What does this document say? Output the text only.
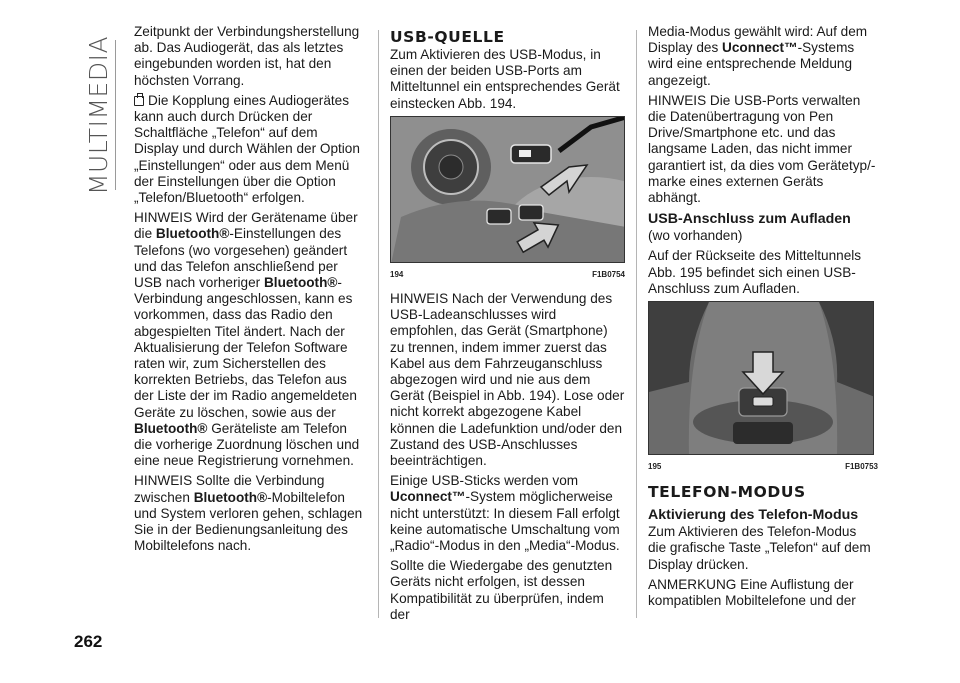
MULTIMEDIA
262

Zeitpunkt der Verbindungsherstellung ab. Das Audiogerät, das als letztes eingebunden worden ist, hat den höchsten Vorrang.

Die Kopplung eines Audiogerätes kann auch durch Drücken der Schaltfläche „Telefon“ auf dem Display und durch Wählen der Option „Einstellungen“ oder aus dem Menü der Einstellungen über die Option „Telefon/Bluetooth“ erfolgen.

HINWEIS Wird der Gerätename über die Bluetooth®-Einstellungen des Telefons (wo vorgesehen) geändert und das Telefon anschließend per USB nach vorheriger Bluetooth®-Verbindung angeschlossen, kann es vorkommen, dass das Radio den abgespielten Titel ändert. Nach der Aktualisierung der Telefon Software raten wir, zum Sicherstellen des korrekten Betriebs, das Telefon aus der Liste der im Radio angemeldeten Geräte zu löschen, sowie aus der Bluetooth® Geräteliste am Telefon die vorherige Zuordnung löschen und eine neue Registrierung vornehmen.

HINWEIS Sollte die Verbindung zwischen Bluetooth®-Mobiltelefon und System verloren gehen, schlagen Sie in der Bedienungsanleitung des Mobiltelefons nach.

USB-QUELLE

Zum Aktivieren des USB-Modus, in einen der beiden USB-Ports am Mitteltunnel ein entsprechendes Gerät einstecken Abb. 194.

194	F1B0754

HINWEIS Nach der Verwendung des USB-Ladeanschlusses wird empfohlen, das Gerät (Smartphone) zu trennen, indem immer zuerst das Kabel aus dem Fahrzeuganschluss abgezogen wird und nie aus dem Gerät (Beispiel in Abb. 194). Lose oder nicht korrekt abgezogene Kabel können die Ladefunktion und/oder den Zustand des USB-Anschlusses beeinträchtigen.

Einige USB-Sticks werden vom Uconnect™-System möglicherweise nicht unterstützt: In diesem Fall erfolgt keine automatische Umschaltung vom „Radio“-Modus in den „Media“-Modus.

Sollte die Wiedergabe des genutzten Geräts nicht erfolgen, ist dessen Kompatibilität zu überprüfen, indem der

Media-Modus gewählt wird: Auf dem Display des Uconnect™-Systems wird eine entsprechende Meldung angezeigt.

HINWEIS Die USB-Ports verwalten die Datenübertragung von Pen Drive/Smartphone etc. und das langsame Laden, das nicht immer garantiert ist, da dies vom Gerätetyp/-marke eines externen Geräts abhängt.

USB-Anschluss zum Aufladen

(wo vorhanden)

Auf der Rückseite des Mitteltunnels Abb. 195 befindet sich einen USB-Anschluss zum Aufladen.

195	F1B0753
TELEFON-MODUS
Aktivierung des Telefon-Modus

Zum Aktivieren des Telefon-Modus die grafische Taste „Telefon“ auf dem Display drücken.

ANMERKUNG Eine Auflistung der kompatiblen Mobiltelefone und der
